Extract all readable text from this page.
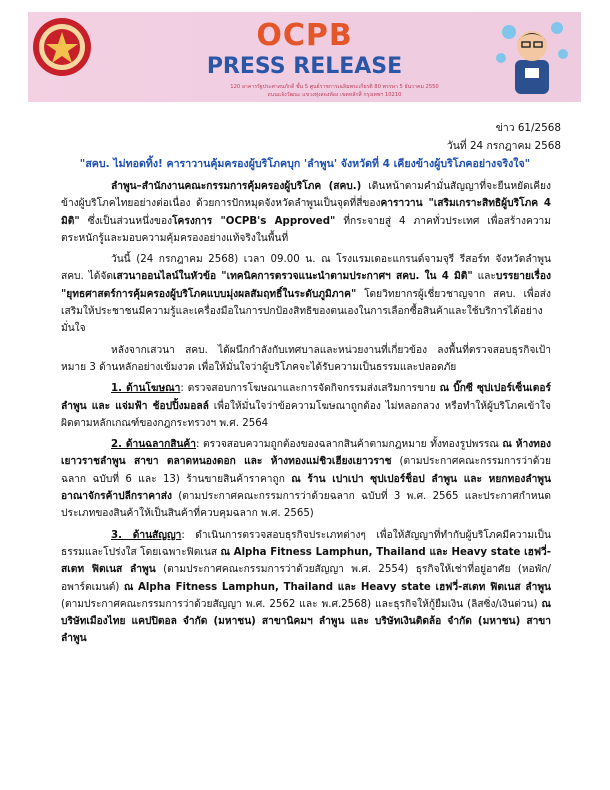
OCPB
PRESS RELEASE
120 อาคารรัฐประศาสนภักดี ชั้น 5 ศูนย์ราชการเฉลิมพระเกียรติ 80 พรรษา 5 ธันวาคม 2550
ถนนแจ้งวัฒนะ แขวงทุ่งสองห้อง เขตหลักสี่ กรุงเทพฯ 10210
ข่าว 61/2568
วันที่ 24 กรกฎาคม 2568
"สคบ. ไม่ทอดทิ้ง! คาราวานคุ้มครองผู้บริโภคบุก 'ลำพูน' จังหวัดที่ 4 เคียงข้างผู้บริโภคอย่างจริงใจ"

ลำพูน–สำนักงานคณะกรรมการคุ้มครองผู้บริโภค (สคบ.) เดินหน้าตามคำมั่นสัญญาที่จะยืนหยัดเคียงข้างผู้บริโภคไทยอย่างต่อเนื่อง ด้วยการปักหมุดจังหวัดลำพูนเป็นจุดที่สี่ของคาราวาน "เสริมเกราะสิทธิผู้บริโภค 4 มิติ" ซึ่งเป็นส่วนหนึ่งของโครงการ "OCPB's Approved" ที่กระจายสู่ 4 ภาคทั่วประเทศ เพื่อสร้างความตระหนักรู้และมอบความคุ้มครองอย่างแท้จริงในพื้นที่

วันนี้ (24 กรกฎาคม 2568) เวลา 09.00 น. ณ โรงแรมเดอะแกรนด์จามจุรี รีสอร์ท จังหวัดลำพูน สคบ. ได้จัดเสวนาออนไลน์ในหัวข้อ "เทคนิคการตรวจแนะนำตามประกาศฯ สคบ. ใน 4 มิติ" และบรรยายเรื่อง "ยุทธศาสตร์การคุ้มครองผู้บริโภคแบบมุ่งผลสัมฤทธิ์ในระดับภูมิภาค" โดยวิทยากรผู้เชี่ยวชาญจาก สคบ. เพื่อส่งเสริมให้ประชาชนมีความรู้และเครื่องมือในการปกป้องสิทธิของตนเองในการเลือกซื้อสินค้าและใช้บริการได้อย่างมั่นใจ

หลังจากเสวนา สคบ. ได้ผนึกกำลังกับเทศบาลและหน่วยงานที่เกี่ยวข้อง ลงพื้นที่ตรวจสอบธุรกิจเป้าหมาย 3 ด้านหลักอย่างเข้มงวด เพื่อให้มั่นใจว่าผู้บริโภคจะได้รับความเป็นธรรมและปลอดภัย

1. ด้านโฆษณา: ตรวจสอบการโฆษณาและการจัดกิจกรรมส่งเสริมการขาย ณ บิ๊กซี ซุปเปอร์เซ็นเตอร์ ลำพูน และ แจ่มฟ้า ช้อปปิ้งมอลล์ เพื่อให้มั่นใจว่าข้อความโฆษณาถูกต้อง ไม่หลอกลวง หรือทำให้ผู้บริโภคเข้าใจผิดตามหลักเกณฑ์ของกฎกระทรวงฯ พ.ศ. 2564

2. ด้านฉลากสินค้า: ตรวจสอบความถูกต้องของฉลากสินค้าตามกฎหมาย ทั้งทองรูปพรรณ ณ ห้างทองเยาวราชลำพูน สาขา ตลาดหนองดอก และ ห้างทองแม่ชิวเฮียงเยาวราช (ตามประกาศคณะกรรมการว่าด้วยฉลาก ฉบับที่ 6 และ 13) ร้านขายสินค้าราคาถูก ณ ร้าน เปาเปา ซุปเปอร์ช็อป ลำพูน และ หยกทองลำพูน อาณาจักรค้าปลีกราคาส่ง (ตามประกาศคณะกรรมการว่าด้วยฉลาก ฉบับที่ 3 พ.ศ. 2565 และประกาศกำหนดประเภทของสินค้าให้เป็นสินค้าที่ควบคุมฉลาก พ.ศ. 2565)

3. ด้านสัญญา: ดำเนินการตรวจสอบธุรกิจประเภทต่างๆ เพื่อให้สัญญาที่ทำกับผู้บริโภคมีความเป็นธรรมและโปร่งใส โดยเฉพาะฟิตเนส ณ Alpha Fitness Lamphun, Thailand และ Heavy state เฮฟวี่-สเตท ฟิตเนส ลำพูน (ตามประกาศคณะกรรมการว่าด้วยสัญญา พ.ศ. 2554) ธุรกิจให้เช่าที่อยู่อาศัย (หอพัก/อพาร์ตเมนต์) ณ Alpha Fitness Lamphun, Thailand และ Heavy state เฮฟวี่-สเตท ฟิตเนส ลำพูน (ตามประกาศคณะกรรมการว่าด้วยสัญญา พ.ศ. 2562 และ พ.ศ.2568) และธุรกิจให้กู้ยืมเงิน (ลิสซิ่ง/เงินด่วน) ณ บริษัทเมืองไทย แคปปิตอล จำกัด (มหาชน) สาขานิคมฯ ลำพูน และ บริษัทเงินติดล้อ จำกัด (มหาชน) สาขาลำพูน
